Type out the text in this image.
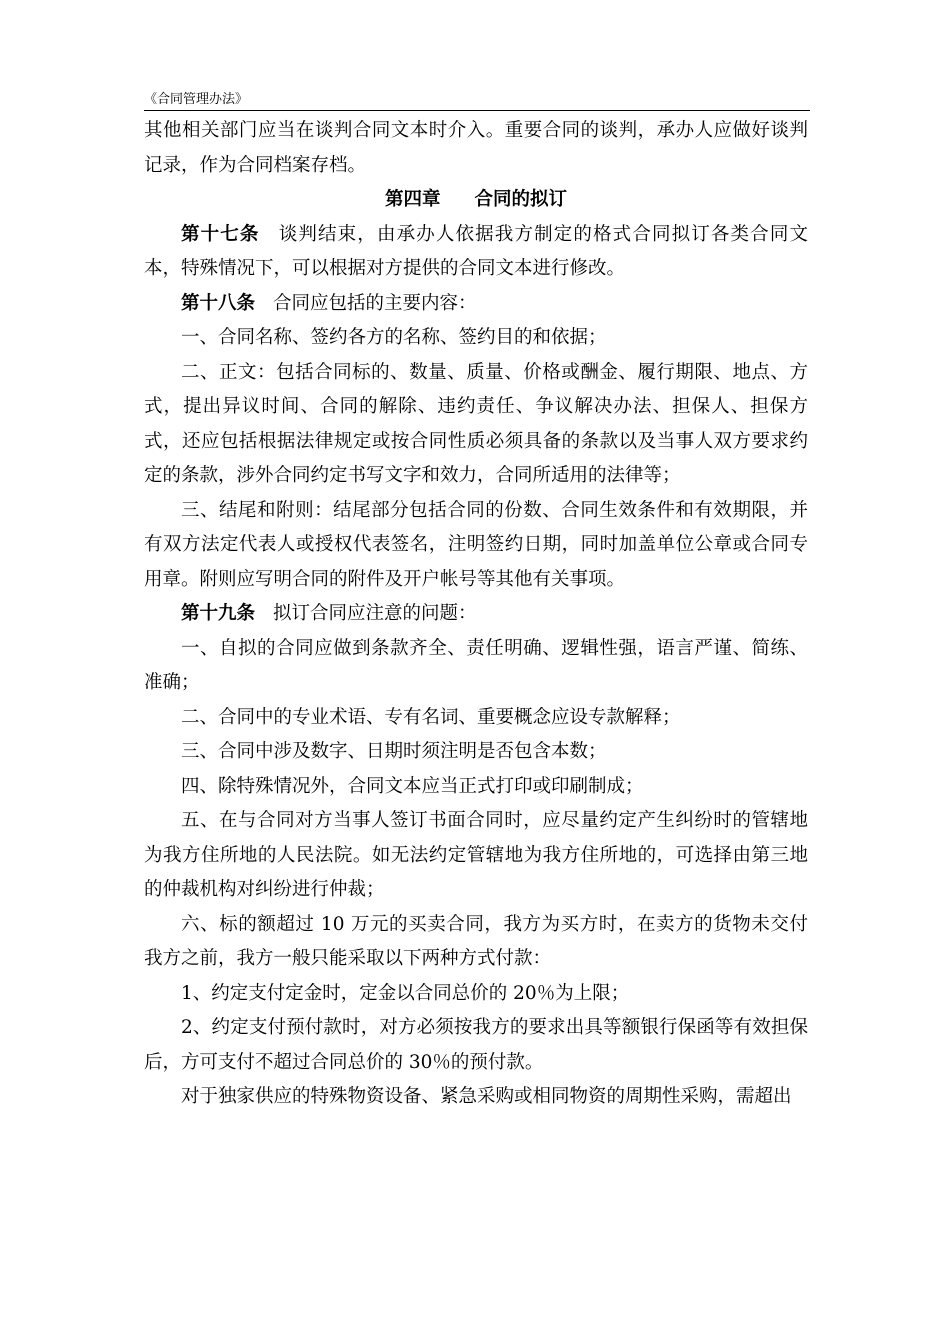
《合同管理办法》

其他相关部门应当在谈判合同文本时介入。重要合同的谈判，承办人应做好谈判记录，作为合同档案存档。

第四章 合同的拟订

第十七条 谈判结束，由承办人依据我方制定的格式合同拟订各类合同文本，特殊情况下，可以根据对方提供的合同文本进行修改。

第十八条 合同应包括的主要内容：

一、合同名称、签约各方的名称、签约目的和依据；

二、正文：包括合同标的、数量、质量、价格或酬金、履行期限、地点、方式，提出异议时间、合同的解除、违约责任、争议解决办法、担保人、担保方式，还应包括根据法律规定或按合同性质必须具备的条款以及当事人双方要求约定的条款，涉外合同约定书写文字和效力，合同所适用的法律等；

三、结尾和附则：结尾部分包括合同的份数、合同生效条件和有效期限，并有双方法定代表人或授权代表签名，注明签约日期，同时加盖单位公章或合同专用章。附则应写明合同的附件及开户帐号等其他有关事项。

第十九条 拟订合同应注意的问题：

一、自拟的合同应做到条款齐全、责任明确、逻辑性强，语言严谨、简练、准确；

二、合同中的专业术语、专有名词、重要概念应设专款解释；

三、合同中涉及数字、日期时须注明是否包含本数；

四、除特殊情况外，合同文本应当正式打印或印刷制成；

五、在与合同对方当事人签订书面合同时，应尽量约定产生纠纷时的管辖地为我方住所地的人民法院。如无法约定管辖地为我方住所地的，可选择由第三地的仲裁机构对纠纷进行仲裁；

六、标的额超过 10 万元的买卖合同，我方为买方时，在卖方的货物未交付我方之前，我方一般只能采取以下两种方式付款：

1、约定支付定金时，定金以合同总价的 20％为上限；

2、约定支付预付款时，对方必须按我方的要求出具等额银行保函等有效担保后，方可支付不超过合同总价的 30％的预付款。

对于独家供应的特殊物资设备、紧急采购或相同物资的周期性采购，需超出
